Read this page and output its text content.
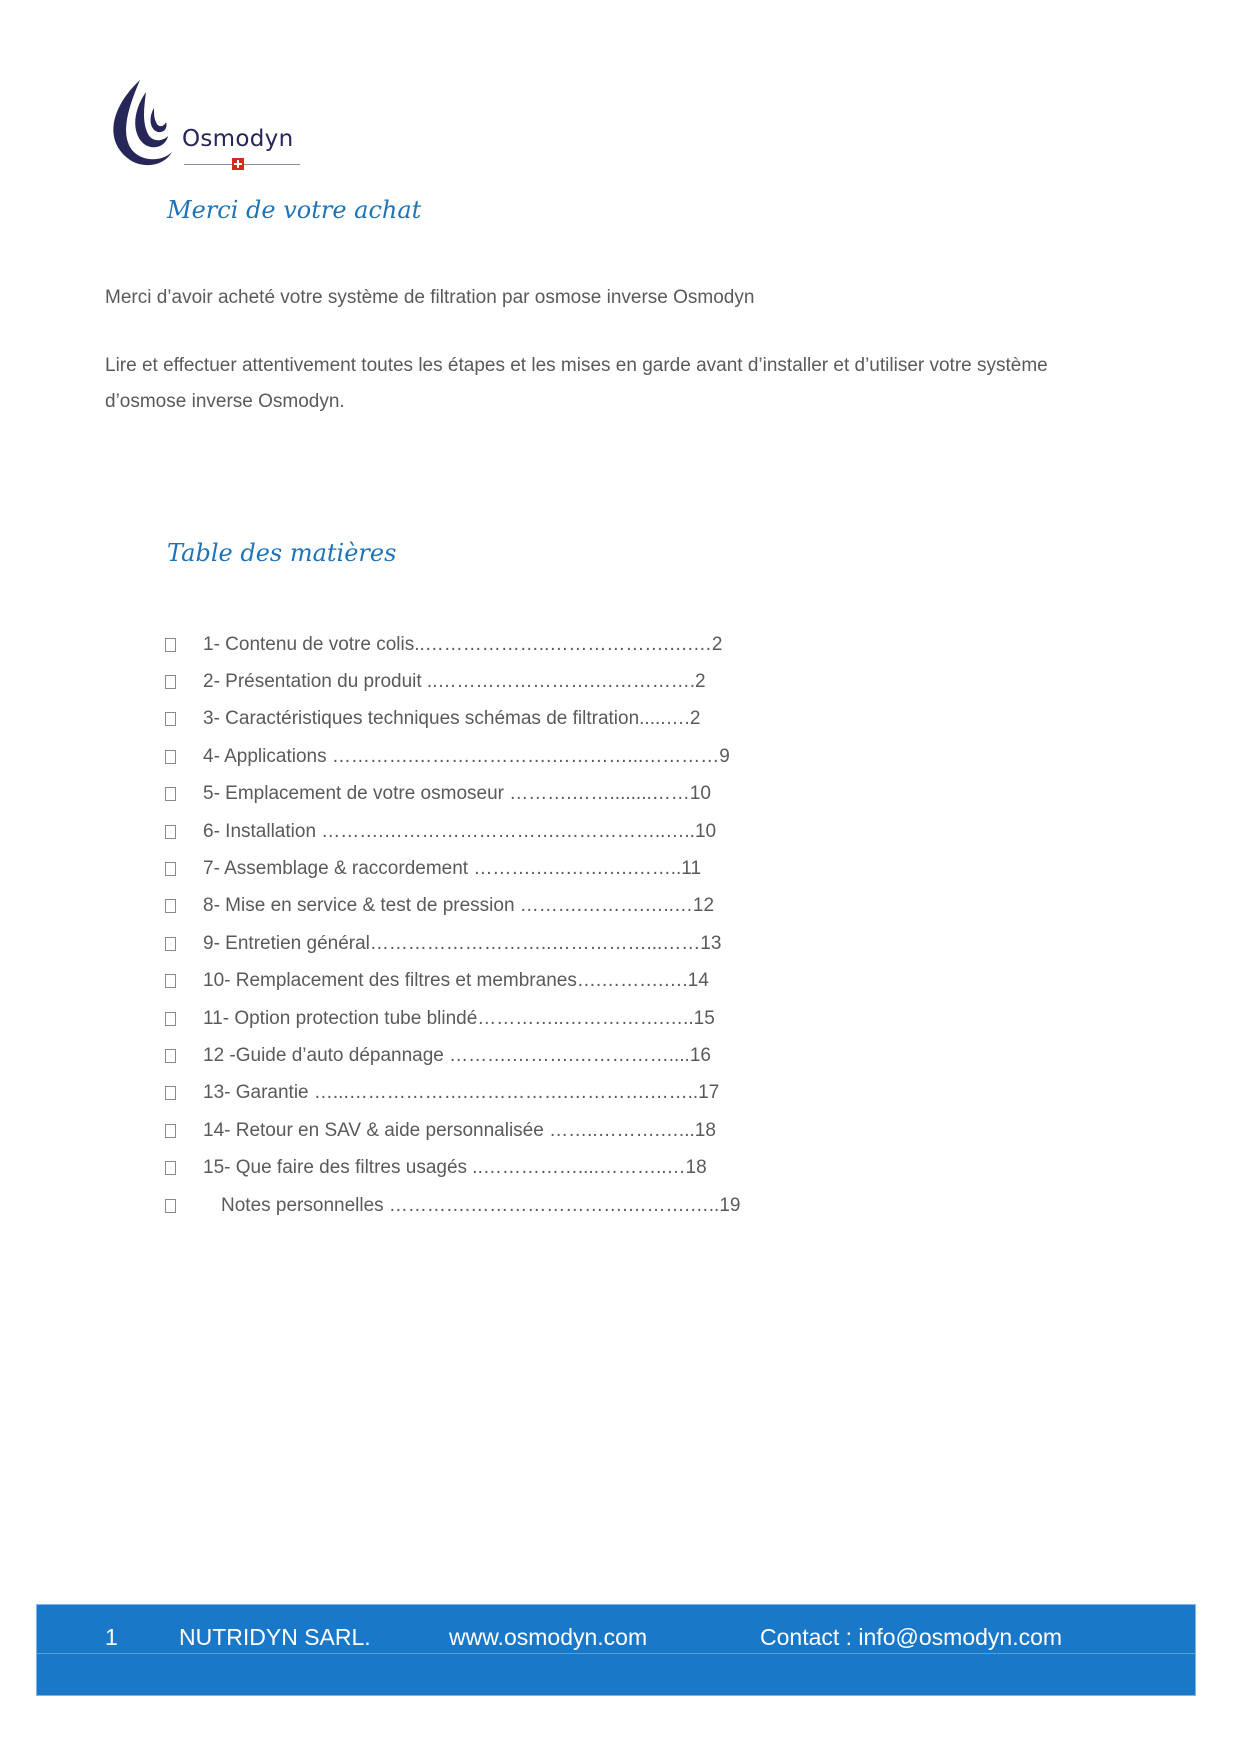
Osmodyn
Merci de votre achat
Merci d’avoir acheté votre système de filtration par osmose inverse Osmodyn
Lire et effectuer attentivement toutes les étapes et les mises en garde avant d’installer et d’utiliser votre système d’osmose inverse Osmodyn.
Table des matières
1- Contenu de votre colis..………………..……………….….…2
2- Présentation du produit ..…………………….…………….2
3- Caractéristiques techniques schémas de filtration.....….2
4- Applications ………….………………….…………...…………9
5- Emplacement de votre osmoseur ……….……........……10
6- Installation ……….……………………….……………..…..10
7- Assemblage & raccordement ……….…..…….….……..11
8- Mise en service & test de pression ……….……….…..…12
9- Entretien général………………………..……………...……13
10- Remplacement des filtres et membranes….……….….14
11- Option protection tube blindé…………..…………….…..15
12 -Guide d’auto dépannage ……….……….……………....16
13- Garantie …...……………….…………….………….……..17
14- Retour en SAV & aide personnalisée ……..……….…...18
15- Que faire des filtres usagés ..……………....………..…18
Notes personnelles ………….…………………….……….…..19
1	NUTRIDYN SARL.	www.osmodyn.com	Contact : info@osmodyn.com
